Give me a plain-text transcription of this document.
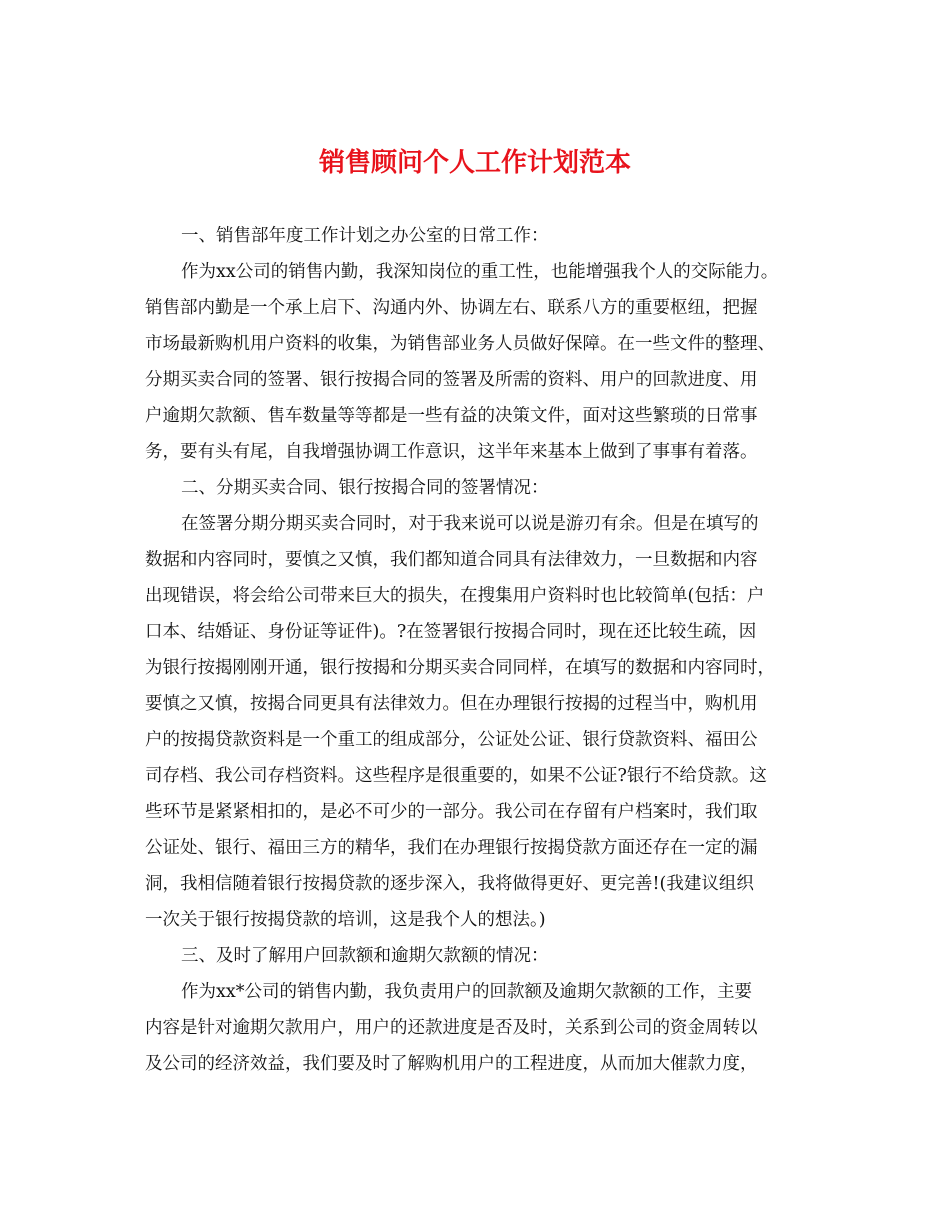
销售顾问个人工作计划范本
一、销售部年度工作计划之办公室的日常工作：
作为xx公司的销售内勤，我深知岗位的重工性，也能增强我个人的交际能力。
销售部内勤是一个承上启下、沟通内外、协调左右、联系八方的重要枢纽，把握
市场最新购机用户资料的收集，为销售部业务人员做好保障。在一些文件的整理、
分期买卖合同的签署、银行按揭合同的签署及所需的资料、用户的回款进度、用
户逾期欠款额、售车数量等等都是一些有益的决策文件，面对这些繁琐的日常事
务，要有头有尾，自我增强协调工作意识，这半年来基本上做到了事事有着落。
二、分期买卖合同、银行按揭合同的签署情况：
在签署分期分期买卖合同时，对于我来说可以说是游刃有余。但是在填写的
数据和内容同时，要慎之又慎，我们都知道合同具有法律效力，一旦数据和内容
出现错误，将会给公司带来巨大的损失，在搜集用户资料时也比较简单(包括：户
口本、结婚证、身份证等证件)。?在签署银行按揭合同时，现在还比较生疏，因
为银行按揭刚刚开通，银行按揭和分期买卖合同同样，在填写的数据和内容同时，
要慎之又慎，按揭合同更具有法律效力。但在办理银行按揭的过程当中，购机用
户的按揭贷款资料是一个重工的组成部分，公证处公证、银行贷款资料、福田公
司存档、我公司存档资料。这些程序是很重要的，如果不公证?银行不给贷款。这
些环节是紧紧相扣的，是必不可少的一部分。我公司在存留有户档案时，我们取
公证处、银行、福田三方的精华，我们在办理银行按揭贷款方面还存在一定的漏
洞，我相信随着银行按揭贷款的逐步深入，我将做得更好、更完善!(我建议组织
一次关于银行按揭贷款的培训，这是我个人的想法。)
三、及时了解用户回款额和逾期欠款额的情况：
作为xx*公司的销售内勤，我负责用户的回款额及逾期欠款额的工作，主要
内容是针对逾期欠款用户，用户的还款进度是否及时，关系到公司的资金周转以
及公司的经济效益，我们要及时了解购机用户的工程进度，从而加大催款力度，
